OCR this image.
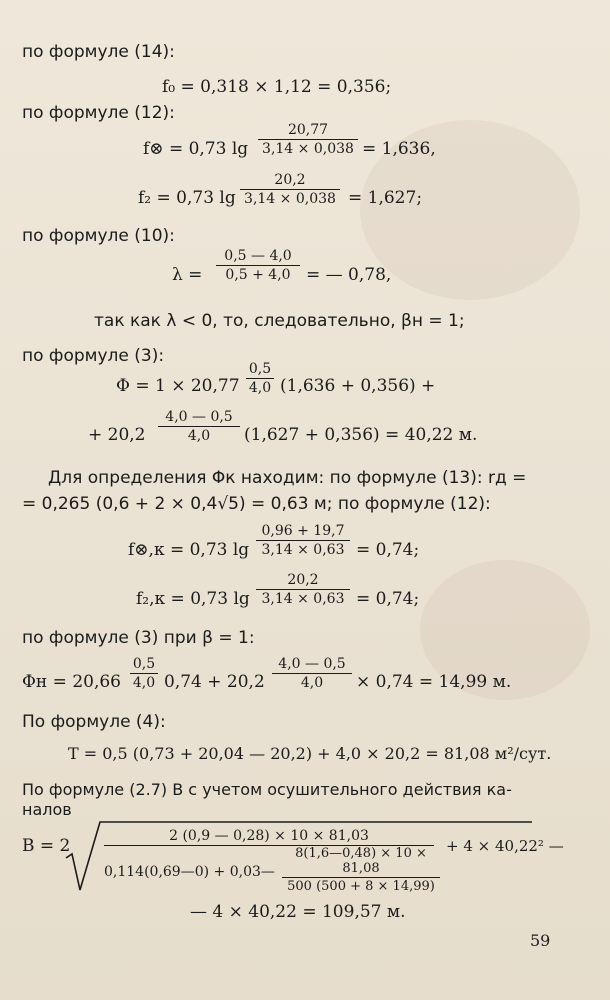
по формуле (14):
f₀ = 0,318 × 1,12 = 0,356;
по формуле (12):
f⊗ = 0,73 $\lg \frac{20,77}{3,14 \times 0,038} = 1,636$,
f₂ = 0,73 $\lg \frac{20,2}{3,14 \times 0,038} = 1,627$;
по формуле (10):
$\lambda = \frac{0,5 — 4,0}{0,5 + 4,0}$ = — 0,78,
так как λ < 0, то, следовательно, βн = 1;
по формуле (3):
$\Phi = 1 \times 20,77 \frac{0,5}{4,0} (1,636 + 0,356)$ +
+ $20,2 \frac{4,0 — 0,5}{4,0} (1,627 + 0,356) = 40,22$ м.
Для определения Φк находим: по формуле (13): rд =
= 0,265 (0,6 + 2 × 0,4√5) = 0,63 м; по формуле (12):
f⊗,к = 0,73 $\lg \frac{0,96 + 19,7}{3,14 \times 0,63} = 0,74$;
f₂,к = 0,73 $\lg \frac{20,2}{3,14 \times 0,63} = 0,74$;
по формуле (3) при β = 1:
$\Phi н = 20,66 \frac{0,5}{4,0} 0,74 + 20,2 \frac{4,0 — 0,5}{4,0} \times 0,74 = 14,99$ м.
По формуле (4):
T = 0,5 (0,73 + 20,04 — 20,2) + 4,0 × 20,2 = 81,08 м²/сут.
По формуле (2.7) B с учетом осушительного действия ка-
налов
B = 2	2 (0,9 — 0,28) × 10 × 81,03
0,114(0,69—0) + 0,03— $\frac{8(1,6—0,48) \times 10 \times 81,08}{500 (500 + 8 \times 14,99)} + 4 \times 40,22^2$ —
— 4 × 40,22 = 109,57 м.
59
